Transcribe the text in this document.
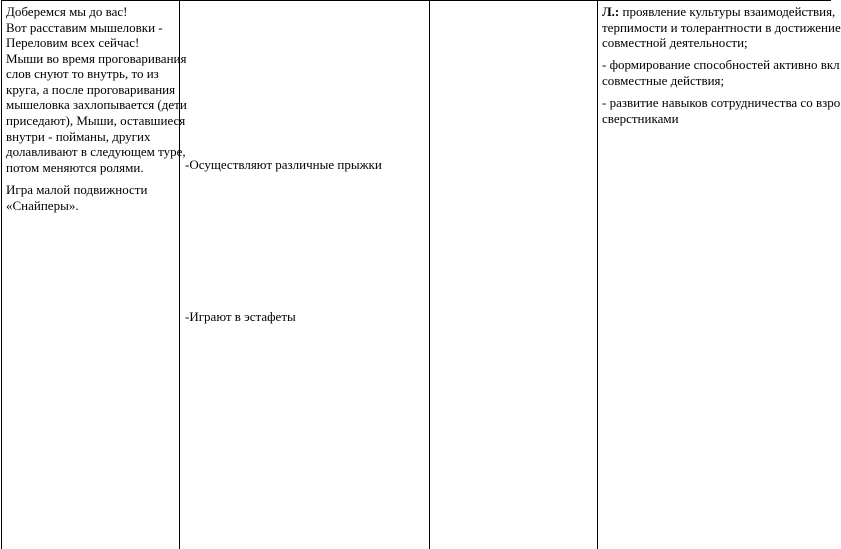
Доберемся мы до вас!
Вот расставим мышеловки -
Переловим всех сейчас!
Мыши во время проговаривания
слов снуют то внутрь, то из
круга, а после проговаривания
мышеловка захлопывается (дети
приседают), Мыши, оставшиеся
внутри - пойманы, других
долавливают в следующем туре,
потом меняются ролями.
Игра малой подвижности
«Снайперы».
-Осуществляют различные прыжки
-Играют в эстафеты
Л.: проявление культуры взаимодействия,
терпимости и толерантности в достижение
совместной деятельности;
- формирование способностей активно вкл
совместные действия;
- развитие навыков сотрудничества со взро
сверстниками
